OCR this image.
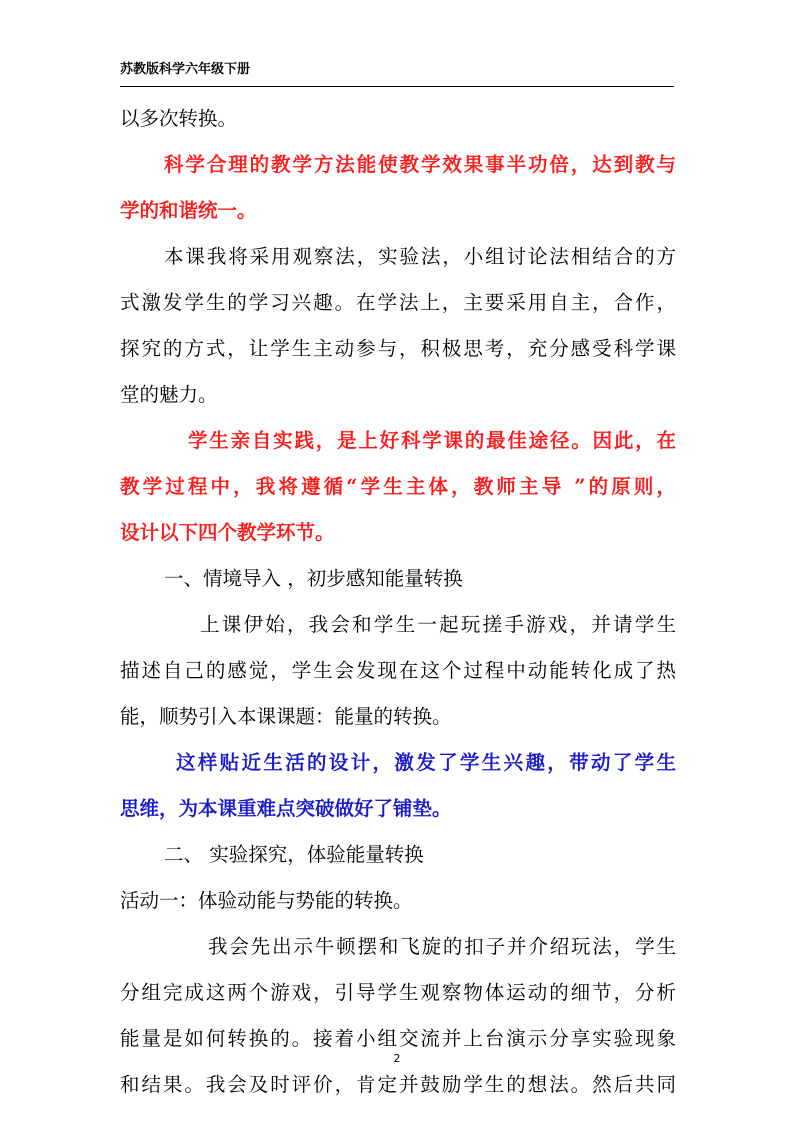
苏教版科学六年级下册
以多次转换。
科学合理的教学方法能使教学效果事半功倍，达到教与
学的和谐统一。
本课我将采用观察法，实验法，小组讨论法相结合的方
式激发学生的学习兴趣。在学法上，主要采用自主，合作，
探究的方式，让学生主动参与，积极思考，充分感受科学课
堂的魅力。
学生亲自实践，是上好科学课的最佳途径。因此，在
教学过程中，我将遵循“学生主体，教师主导 ”的原则，
设计以下四个教学环节。
一、情境导入 ，初步感知能量转换
上课伊始，我会和学生一起玩搓手游戏，并请学生
描述自己的感觉，学生会发现在这个过程中动能转化成了热
能，顺势引入本课课题：能量的转换。
这样贴近生活的设计，激发了学生兴趣，带动了学生
思维，为本课重难点突破做好了铺垫。
二、 实验探究，体验能量转换
活动一：体验动能与势能的转换。
我会先出示牛顿摆和飞旋的扣子并介绍玩法，学生
分组完成这两个游戏，引导学生观察物体运动的细节，分析
能量是如何转换的。接着小组交流并上台演示分享实验现象
和结果。我会及时评价，肯定并鼓励学生的想法。然后共同
2
